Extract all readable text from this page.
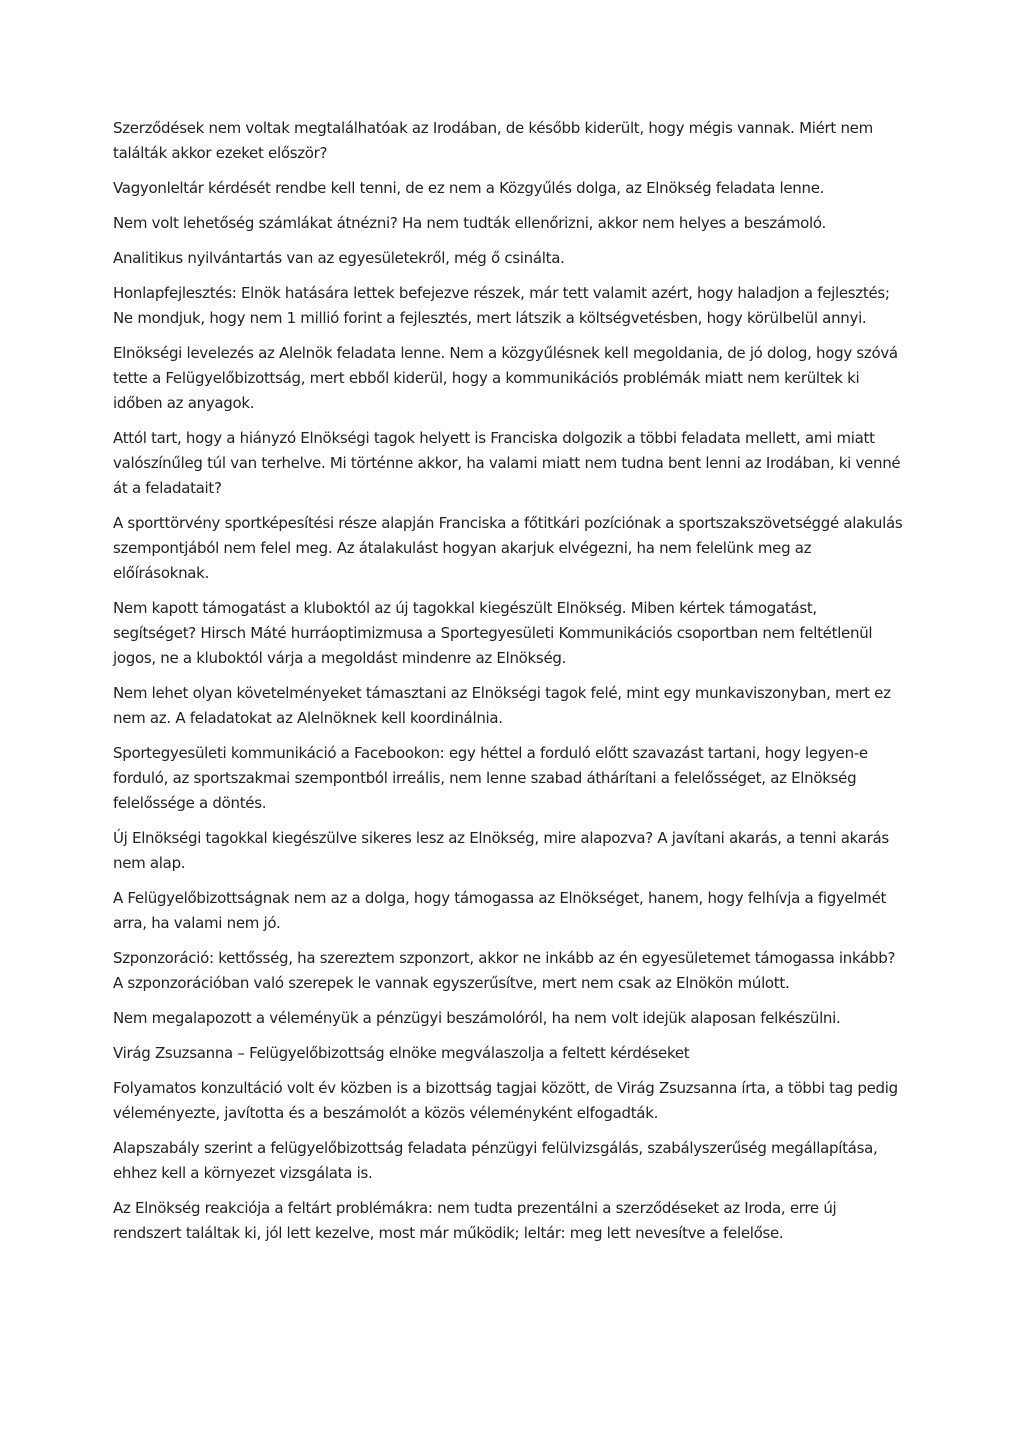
Szerződések nem voltak megtalálhatóak az Irodában, de később kiderült, hogy mégis vannak. Miért nem találták akkor ezeket először?

Vagyonleltár kérdését rendbe kell tenni, de ez nem a Közgyűlés dolga, az Elnökség feladata lenne.

Nem volt lehetőség számlákat átnézni? Ha nem tudták ellenőrizni, akkor nem helyes a beszámoló.

Analitikus nyilvántartás van az egyesületekről, még ő csinálta.

Honlapfejlesztés: Elnök hatására lettek befejezve részek, már tett valamit azért, hogy haladjon a fejlesztés; Ne mondjuk, hogy nem 1 millió forint a fejlesztés, mert látszik a költségvetésben, hogy körülbelül annyi.

Elnökségi levelezés az Alelnök feladata lenne. Nem a közgyűlésnek kell megoldania, de jó dolog, hogy szóvá tette a Felügyelőbizottság, mert ebből kiderül, hogy a kommunikációs problémák miatt nem kerültek ki időben az anyagok.

Attól tart, hogy a hiányzó Elnökségi tagok helyett is Franciska dolgozik a többi feladata mellett, ami miatt valószínűleg túl van terhelve. Mi történne akkor, ha valami miatt nem tudna bent lenni az Irodában, ki venné át a feladatait?

A sporttörvény sportképesítési része alapján Franciska a főtitkári pozíciónak a sportszakszövetséggé alakulás szempontjából nem felel meg. Az átalakulást hogyan akarjuk elvégezni, ha nem felelünk meg az előírásoknak.

Nem kapott támogatást a kluboktól az új tagokkal kiegészült Elnökség. Miben kértek támogatást, segítséget? Hirsch Máté hurráoptimizmusa a Sportegyesületi Kommunikációs csoportban nem feltétlenül jogos, ne a kluboktól várja a megoldást mindenre az Elnökség.

Nem lehet olyan követelményeket támasztani az Elnökségi tagok felé, mint egy munkaviszonyban, mert ez nem az. A feladatokat az Alelnöknek kell koordinálnia.

Sportegyesületi kommunikáció a Facebookon: egy héttel a forduló előtt szavazást tartani, hogy legyen-e forduló, az sportszakmai szempontból irreális, nem lenne szabad áthárítani a felelősséget, az Elnökség felelőssége a döntés.

Új Elnökségi tagokkal kiegészülve sikeres lesz az Elnökség, mire alapozva? A javítani akarás, a tenni akarás nem alap.

A Felügyelőbizottságnak nem az a dolga, hogy támogassa az Elnökséget, hanem, hogy felhívja a figyelmét arra, ha valami nem jó.

Szponzoráció: kettősség, ha szereztem szponzort, akkor ne inkább az én egyesületemet támogassa inkább? A szponzorációban való szerepek le vannak egyszerűsítve, mert nem csak az Elnökön múlott.

Nem megalapozott a véleményük a pénzügyi beszámolóról, ha nem volt idejük alaposan felkészülni.

Virág Zsuzsanna – Felügyelőbizottság elnöke megválaszolja a feltett kérdéseket

Folyamatos konzultáció volt év közben is a bizottság tagjai között, de Virág Zsuzsanna írta, a többi tag pedig véleményezte, javította és a beszámolót a közös véleményként elfogadták.

Alapszabály szerint a felügyelőbizottság feladata pénzügyi felülvizsgálás, szabályszerűség megállapítása, ehhez kell a környezet vizsgálata is.

Az Elnökség reakciója a feltárt problémákra: nem tudta prezentálni a szerződéseket az Iroda, erre új rendszert találtak ki, jól lett kezelve, most már működik; leltár: meg lett nevesítve a felelőse.
